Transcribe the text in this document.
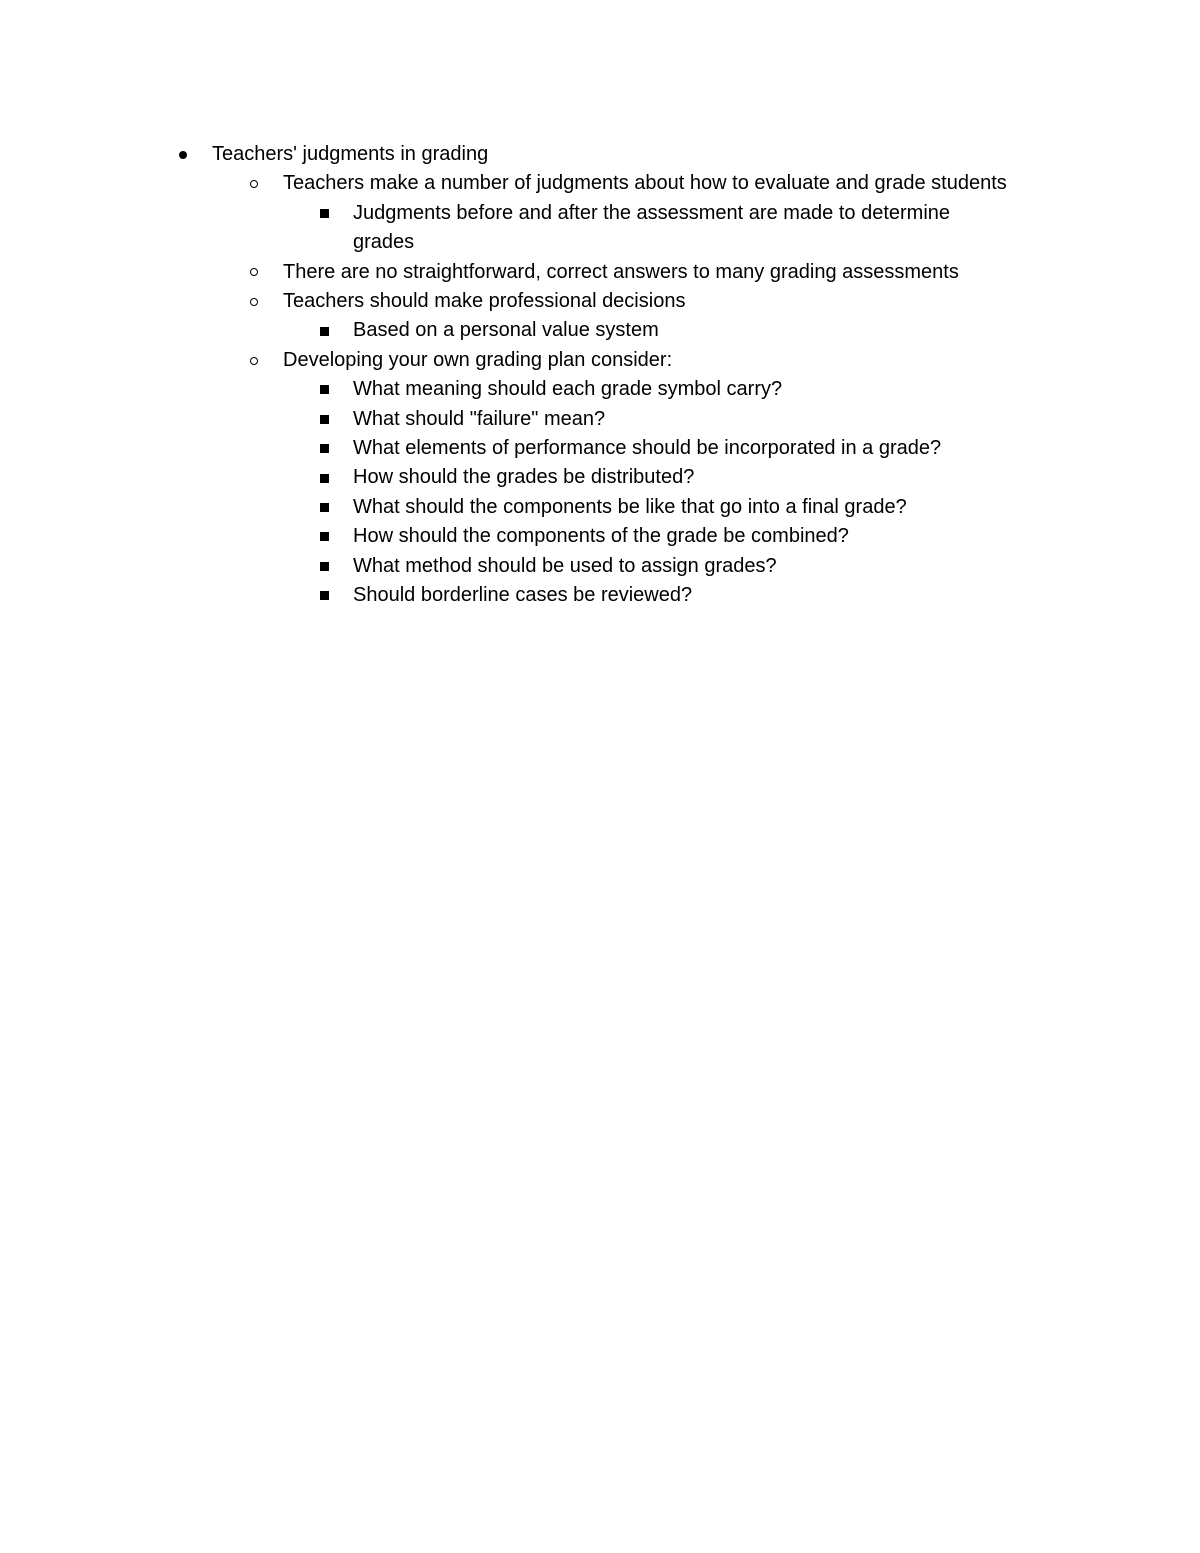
Teachers' judgments in grading
Teachers make a number of judgments about how to evaluate and grade students
Judgments before and after the assessment are made to determine grades
There are no straightforward, correct answers to many grading assessments
Teachers should make professional decisions
Based on a personal value system
Developing your own grading plan consider:
What meaning should each grade symbol carry?
What should "failure" mean?
What elements of performance should be incorporated in a grade?
How should the grades be distributed?
What should the components be like that go into a final grade?
How should the components of the grade be combined?
What method should be used to assign grades?
Should borderline cases be reviewed?
